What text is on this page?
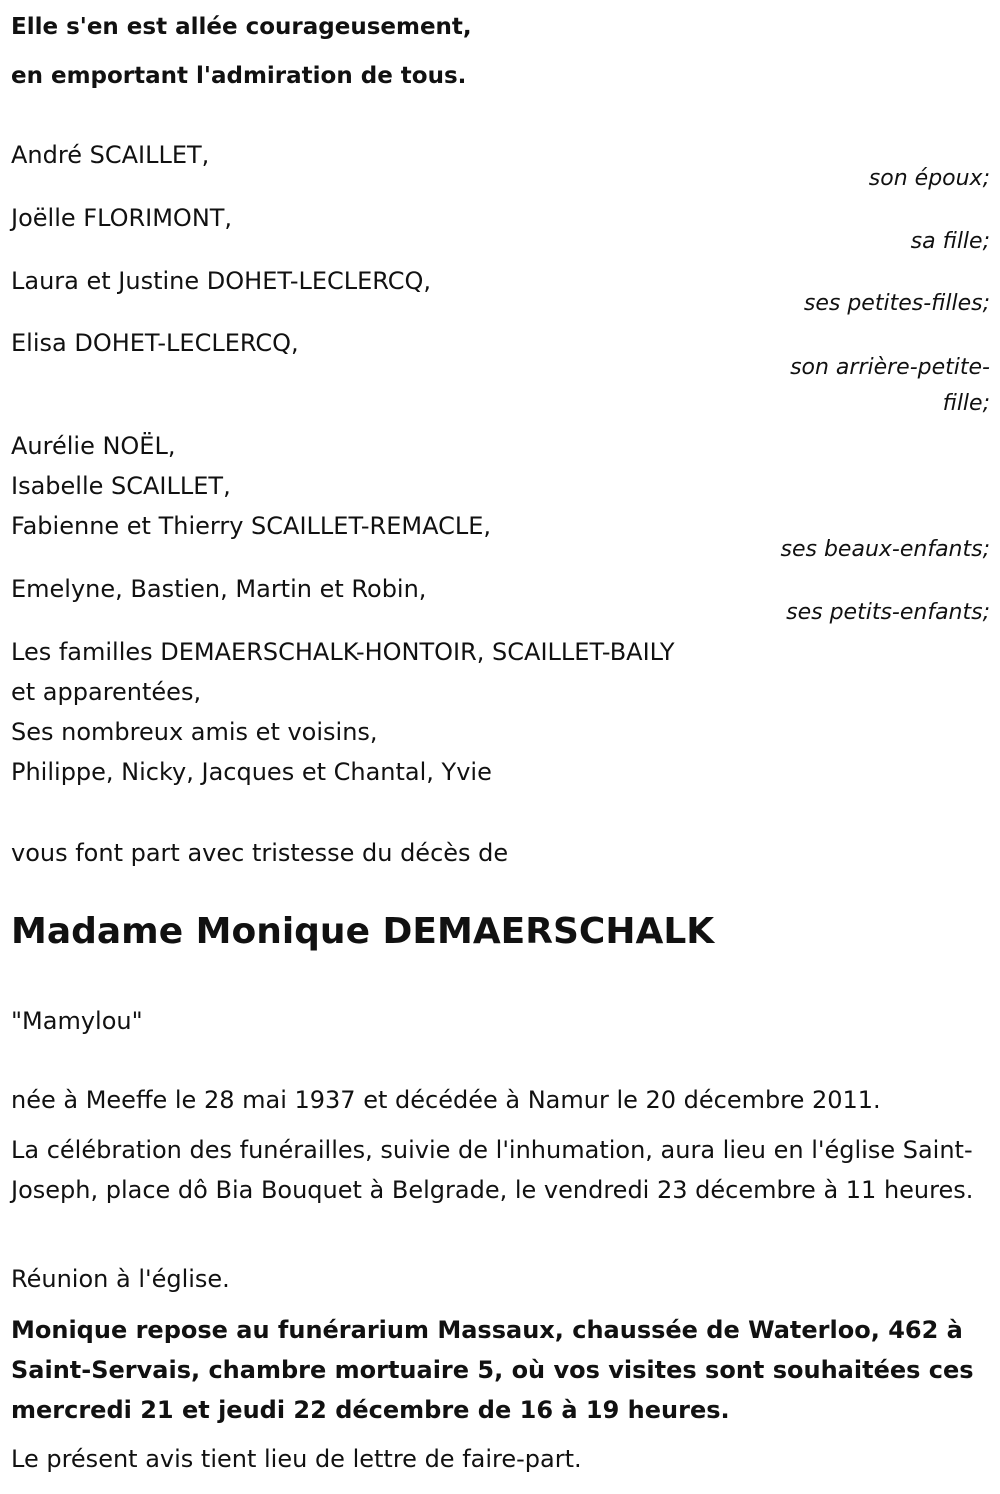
Elle s'en est allée courageusement,
en emportant l'admiration de tous.
André SCAILLET,
son époux;
Joëlle FLORIMONT,
sa fille;
Laura et Justine DOHET-LECLERCQ,
ses petites-filles;
Elisa DOHET-LECLERCQ,
son arrière-petite-fille;
Aurélie NOËL,
Isabelle SCAILLET,
Fabienne et Thierry SCAILLET-REMACLE,
ses beaux-enfants;
Emelyne, Bastien, Martin et Robin,
ses petits-enfants;
Les familles DEMAERSCHALK-HONTOIR, SCAILLET-BAILY
et apparentées,
Ses nombreux amis et voisins,
Philippe, Nicky, Jacques et Chantal, Yvie
vous font part avec tristesse du décès de
Madame Monique DEMAERSCHALK
"Mamylou"
née à Meeffe le 28 mai 1937 et décédée à Namur le 20 décembre 2011.
La célébration des funérailles, suivie de l'inhumation, aura lieu en l'église Saint-Joseph, place dô Bia Bouquet à Belgrade, le vendredi 23 décembre à 11 heures.
Réunion à l'église.
Monique repose au funérarium Massaux, chaussée de Waterloo, 462 à Saint-Servais, chambre mortuaire 5, où vos visites sont souhaitées ces mercredi 21 et jeudi 22 décembre de 16 à 19 heures.
Le présent avis tient lieu de lettre de faire-part.
